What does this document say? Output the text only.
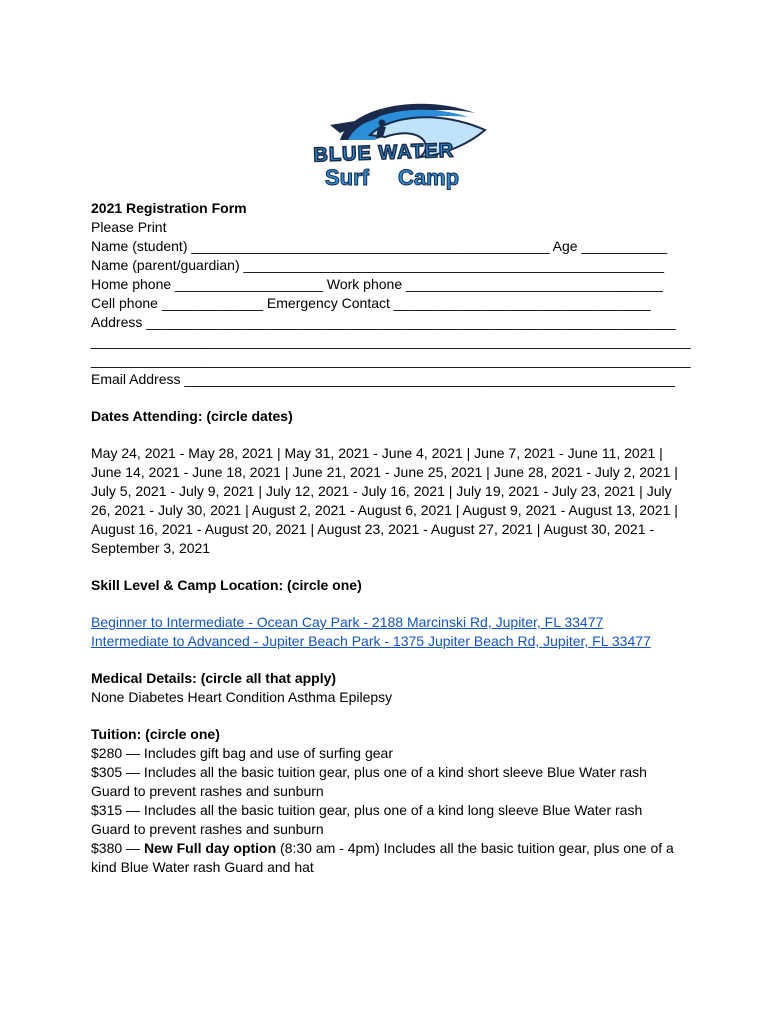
BLUE WATER
Surf Camp
2021 Registration Form
Please Print
Name (student) ______________________________________________ Age ___________
Name (parent/guardian) ______________________________________________________
Home phone ___________________ Work phone _________________________________
Cell phone _____________ Emergency Contact _________________________________
Address ____________________________________________________________________
_____________________________________________________________________________
_____________________________________________________________________________
Email Address _______________________________________________________________
Dates Attending: (circle dates)
May 24, 2021 - May 28, 2021 | May 31, 2021 - June 4, 2021 | June 7, 2021 - June 11, 2021 | June 14, 2021 - June 18, 2021 | June 21, 2021 - June 25, 2021 | June 28, 2021 - July 2, 2021 | July 5, 2021 - July 9, 2021 | July 12, 2021 - July 16, 2021 | July 19, 2021 - July 23, 2021 | July 26, 2021 - July 30, 2021 | August 2, 2021 - August 6, 2021 | August 9, 2021 - August 13, 2021 | August 16, 2021 - August 20, 2021 | August 23, 2021 - August 27, 2021 | August 30, 2021 - September 3, 2021
Skill Level & Camp Location: (circle one)
Beginner to Intermediate - Ocean Cay Park - 2188 Marcinski Rd, Jupiter, FL 33477
Intermediate to Advanced - Jupiter Beach Park - 1375 Jupiter Beach Rd, Jupiter, FL 33477
Medical Details: (circle all that apply)
None Diabetes Heart Condition Asthma Epilepsy
Tuition: (circle one)
$280 — Includes gift bag and use of surfing gear
$305 — Includes all the basic tuition gear, plus one of a kind short sleeve Blue Water rash
Guard to prevent rashes and sunburn
$315 — Includes all the basic tuition gear, plus one of a kind long sleeve Blue Water rash
Guard to prevent rashes and sunburn
$380 — New Full day option (8:30 am - 4pm) Includes all the basic tuition gear, plus one of a
kind Blue Water rash Guard and hat
